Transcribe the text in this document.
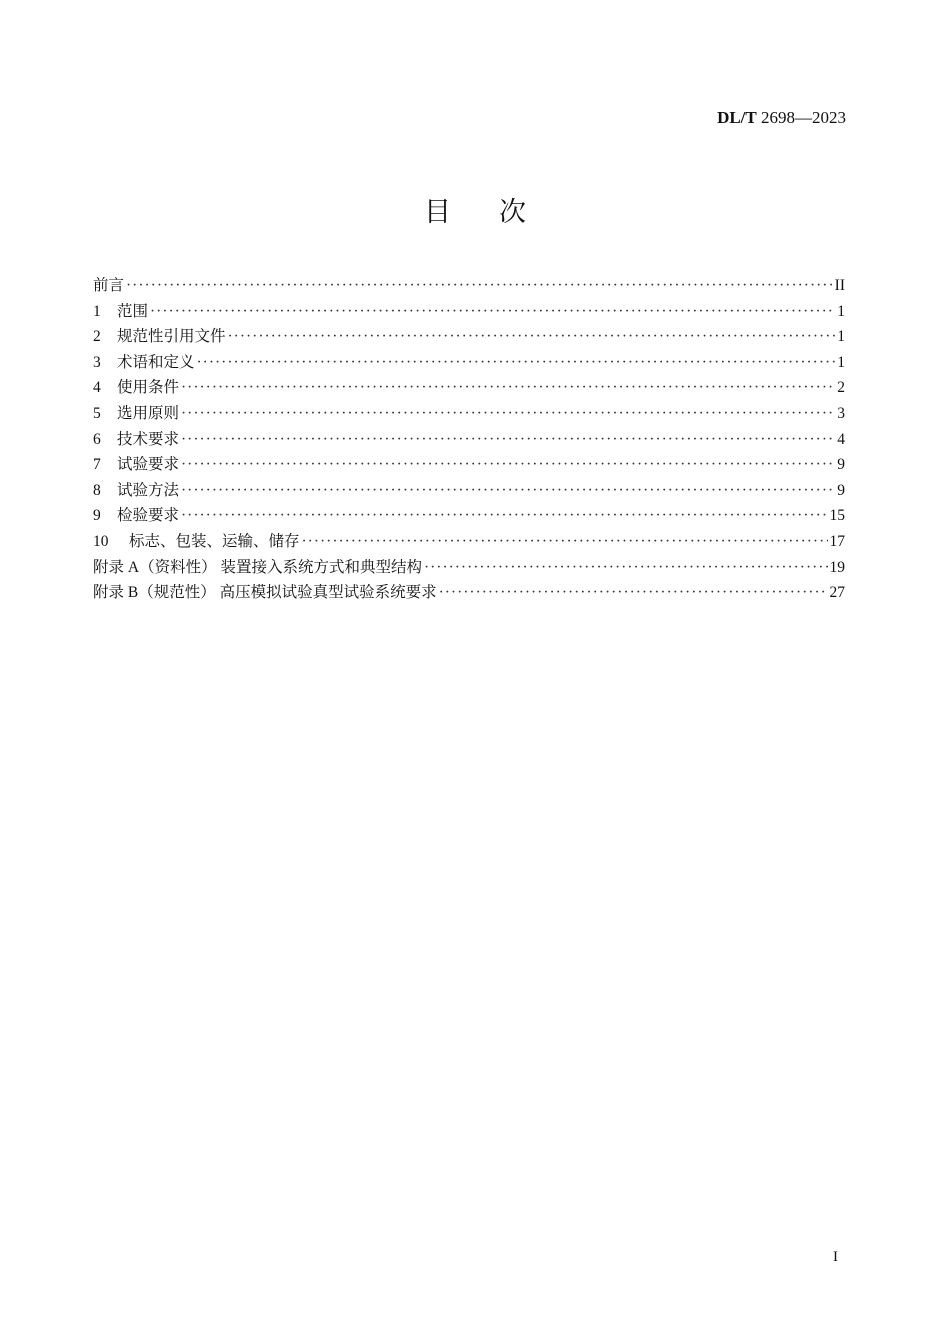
DL/T 2698—2023
目次
前言 ·····	II
1	范围 ·····	1
2	规范性引用文件 ·····	1
3	术语和定义 ·····	1
4	使用条件 ·····	2
5	选用原则 ·····	3
6	技术要求 ·····	4
7	试验要求 ·····	9
8	试验方法 ·····	9
9	检验要求 ·····	15
10	标志、包装、运输、储存 ·····	17
附录 A（资料性） 装置接入系统方式和典型结构 ·····	19
附录 B（规范性） 高压模拟试验真型试验系统要求 ·····	27
I
